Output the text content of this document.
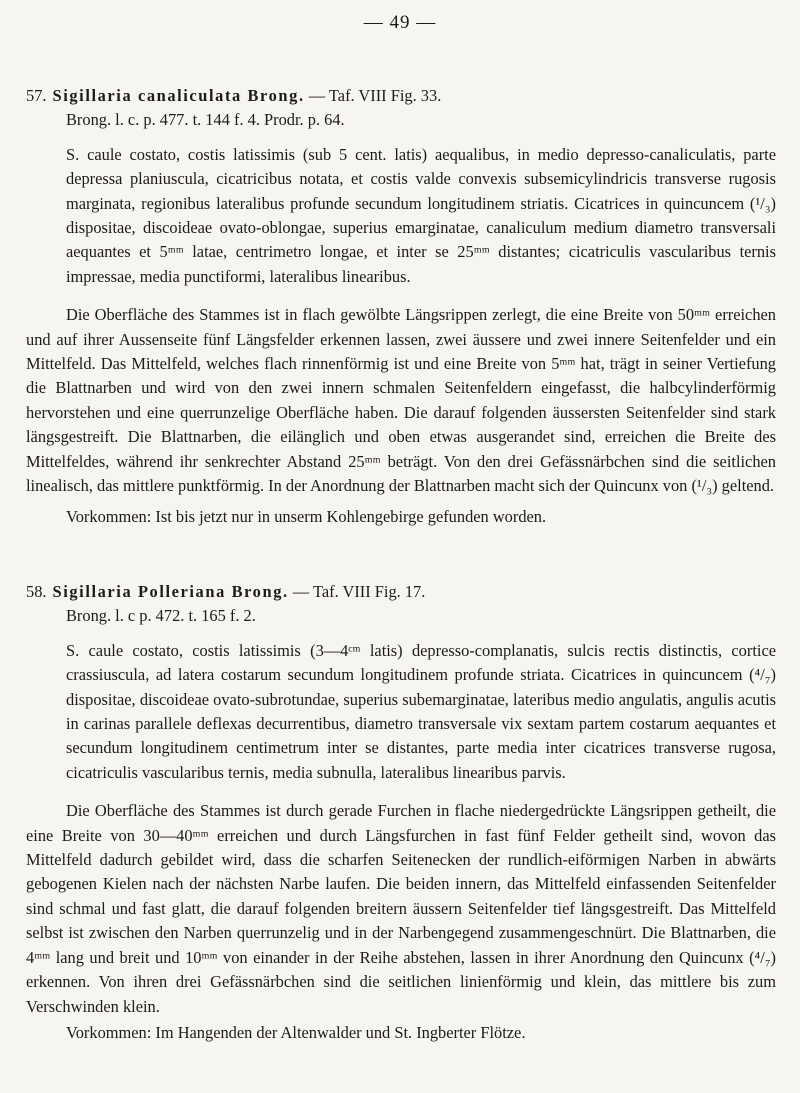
— 49 —
57. Sigillaria canaliculata Brong. — Taf. VIII Fig. 33.
Brong. l. c. p. 477. t. 144 f. 4. Prodr. p. 64.

S. caule costato, costis latissimis (sub 5 cent. latis) aequalibus, in medio depresso-canaliculatis, parte depressa planiuscula, cicatricibus notata, et costis valde convexis subsemicylindricis transverse rugosis marginata, regionibus lateralibus profunde secundum longitudinem striatis. Cicatrices in quincuncem (¹/₃) dispositae, discoideae ovato-oblongae, superius emarginatae, canaliculum medium diametro transversali aequantes et 5ᵐᵐ latae, centrimetro longae, et inter se 25ᵐᵐ distantes; cicatriculis vascularibus ternis impressae, media punctiformi, lateralibus linearibus.

Die Oberfläche des Stammes ist in flach gewölbte Längsrippen zerlegt, die eine Breite von 50ᵐᵐ erreichen und auf ihrer Aussenseite fünf Längsfelder erkennen lassen, zwei äussere und zwei innere Seitenfelder und ein Mittelfeld. Das Mittelfeld, welches flach rinnenförmig ist und eine Breite von 5ᵐᵐ hat, trägt in seiner Vertiefung die Blattnarben und wird von den zwei innern schmalen Seitenfeldern eingefasst, die halbcylinderförmig hervorstehen und eine querrunzelige Oberfläche haben. Die darauf folgenden äussersten Seitenfelder sind stark längsgestreift. Die Blattnarben, die eilänglich und oben etwas ausgerandet sind, erreichen die Breite des Mittelfeldes, während ihr senkrechter Abstand 25ᵐᵐ beträgt. Von den drei Gefässnärbchen sind die seitlichen linealisch, das mittlere punktförmig. In der Anordnung der Blattnarben macht sich der Quincunx von (¹/₃) geltend.

Vorkommen: Ist bis jetzt nur in unserm Kohlengebirge gefunden worden.

58. Sigillaria Polleriana Brong. — Taf. VIII Fig. 17.
Brong. l. c p. 472. t. 165 f. 2.

S. caule costato, costis latissimis (3—4ᶜᵐ latis) depresso-complanatis, sulcis rectis distinctis, cortice crassiuscula, ad latera costarum secundum longitudinem profunde striata. Cicatrices in quincuncem (⁴/₇) dispositae, discoideae ovato-subrotundae, superius subemarginatae, lateribus medio angulatis, angulis acutis in carinas parallele deflexas decurrentibus, diametro transversale vix sextam partem costarum aequantes et secundum longitudinem centimetrum inter se distantes, parte media inter cicatrices transverse rugosa, cicatriculis vascularibus ternis, media subnulla, lateralibus linearibus parvis.

Die Oberfläche des Stammes ist durch gerade Furchen in flache niedergedrückte Längsrippen getheilt, die eine Breite von 30—40ᵐᵐ erreichen und durch Längsfurchen in fast fünf Felder getheilt sind, wovon das Mittelfeld dadurch gebildet wird, dass die scharfen Seitenecken der rundlich-eiförmigen Narben in abwärts gebogenen Kielen nach der nächsten Narbe laufen. Die beiden innern, das Mittelfeld einfassenden Seitenfelder sind schmal und fast glatt, die darauf folgenden breitern äussern Seitenfelder tief längsgestreift. Das Mittelfeld selbst ist zwischen den Narben querrunzelig und in der Narbengegend zusammengeschnürt. Die Blattnarben, die 4ᵐᵐ lang und breit und 10ᵐᵐ von einander in der Reihe abstehen, lassen in ihrer Anordnung den Quincunx (⁴/₇) erkennen. Von ihren drei Gefässnärbchen sind die seitlichen linienförmig und klein, das mittlere bis zum Verschwinden klein.

Vorkommen: Im Hangenden der Altenwalder und St. Ingberter Flötze.
